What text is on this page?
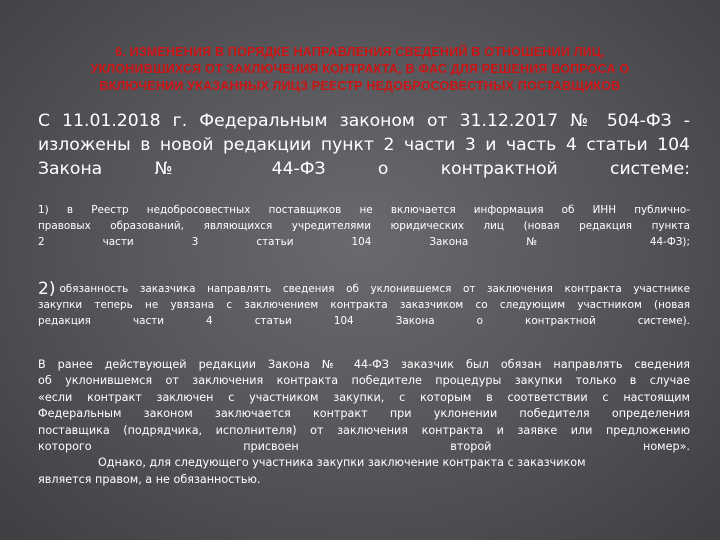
6. ИЗМЕНЕНИЯ В ПОРЯДКЕ НАПРАВЛЕНИЯ СВЕДЕНИЙ В ОТНОШЕНИИ ЛИЦ,
УКЛОНИВШИХСЯ ОТ ЗАКЛЮЧЕНИЯ КОНТРАКТА, В ФАС ДЛЯ РЕШЕНИЯ ВОПРОСА О
ВКЛЮЧЕНИИ УКАЗАННЫХ ЛИЦЗ РЕЕСТР НЕДОБРОСОВЕСТНЫХ ПОСТАВЩИКОВ
С 11.01.2018 г. Федеральным законом от 31.12.2017 № 504-ФЗ -
изложены в новой редакции пункт 2 части 3 и часть 4 статьи 104
Закона № 44-ФЗ о контрактной системе:
1) в Реестр недобросовестных поставщиков не включается информация об ИНН публично-
правовых образований, являющихся учредителями юридических лиц (новая редакция пункта
2 части 3 статьи 104 Закона № 44-ФЗ);
2) обязанность заказчика направлять сведения об уклонившемся от заключения контракта участнике
закупки теперь не увязана с заключением контракта заказчиком со следующим участником (новая
редакция части 4 статьи 104 Закона о контрактной системе).
В ранее действующей редакции Закона № 44-ФЗ заказчик был обязан направлять сведения
об уклонившемся от заключения контракта победителе процедуры закупки только в случае
«если контракт заключен с участником закупки, с которым в соответствии с настоящим
Федеральным законом заключается контракт при уклонении победителя определения
поставщика (подрядчика, исполнителя) от заключения контракта и заявке или предложению
которого присвоен второй номер».
Однако, для следующего участника закупки заключение контракта с заказчиком
является правом, а не обязанностью.
